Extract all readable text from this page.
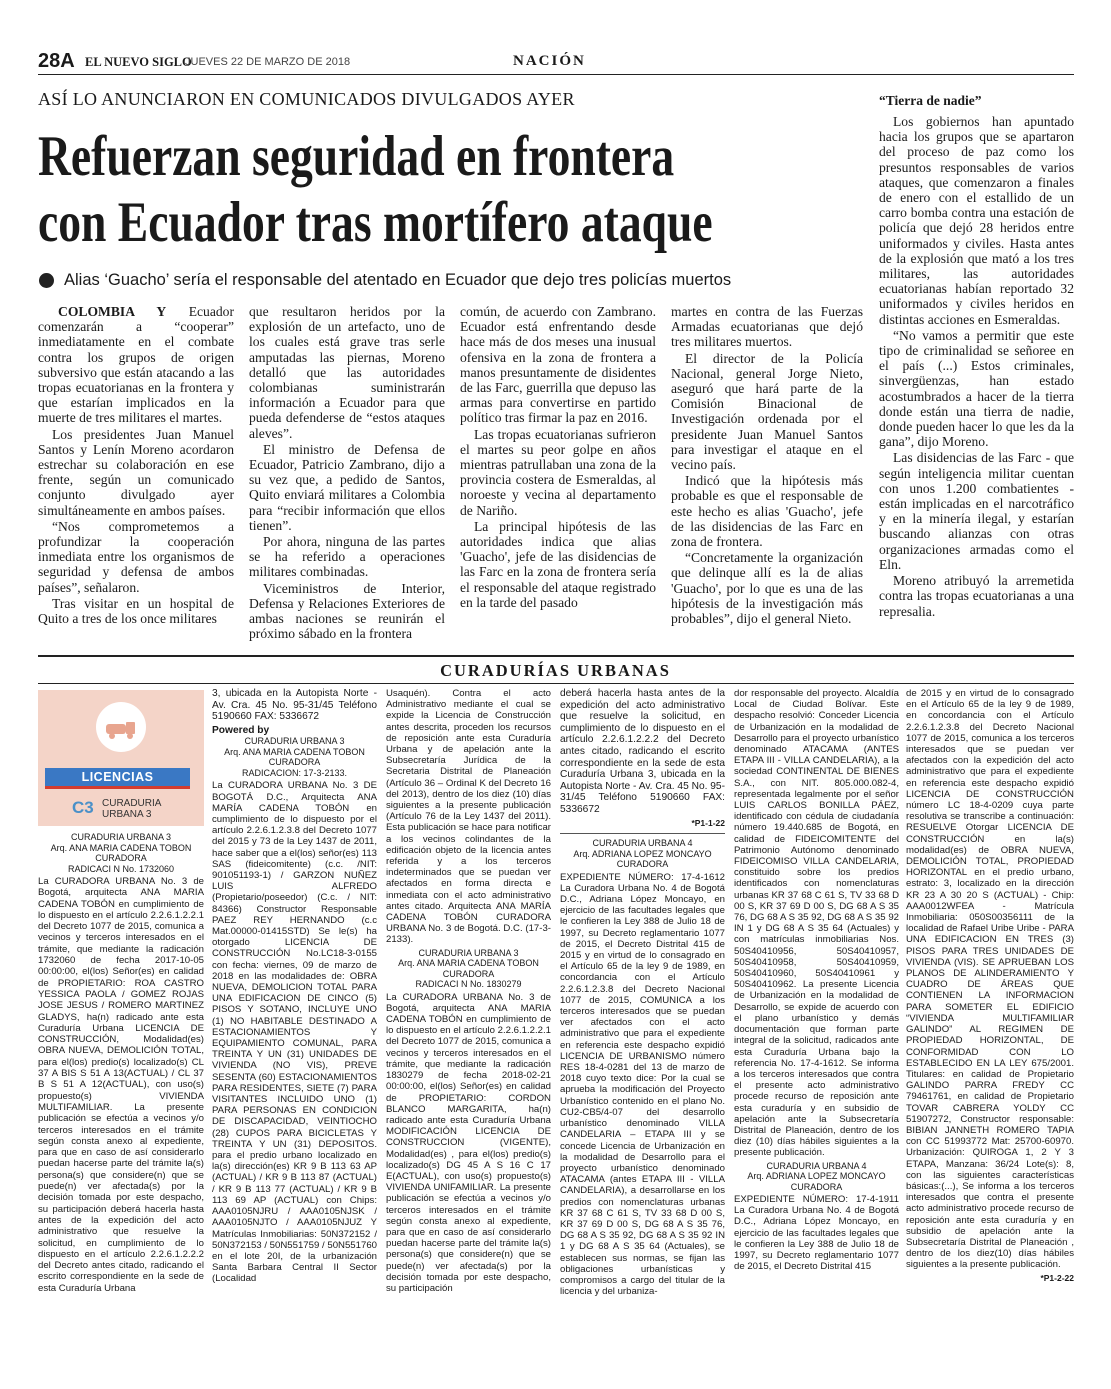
28A EL NUEVO SIGLO
JUEVES 22 DE MARZO DE 2018	NACIÓN
ASÍ LO ANUNCIARON EN COMUNICADOS DIVULGADOS AYER
Refuerzan seguridad en frontera
con Ecuador tras mortífero ataque
Alias ‘Guacho’ sería el responsable del atentado en Ecuador que dejo tres policías muertos

COLOMBIA Y Ecuador comenzarán a “cooperar” inmediatamente en el combate contra los grupos de origen subversivo que están atacando a las tropas ecuatorianas en la frontera y que estarían implicados en la muerte de tres militares el martes.

Los presidentes Juan Manuel Santos y Lenín Moreno acordaron estrechar su colaboración en ese frente, según un comunicado conjunto divulgado ayer simultáneamente en ambos países.

“Nos comprometemos a profundizar la cooperación inmediata entre los organismos de seguridad y defensa de ambos países”, señalaron.

Tras visitar en un hospital de Quito a tres de los once militares

que resultaron heridos por la explosión de un artefacto, uno de los cuales está grave tras serle amputadas las piernas, Moreno detalló que las autoridades colombianas suministrarán información a Ecuador para que pueda defenderse de “estos ataques aleves”.

El ministro de Defensa de Ecuador, Patricio Zambrano, dijo a su vez que, a pedido de Santos, Quito enviará militares a Colombia para “recibir información que ellos tienen”.

Por ahora, ninguna de las partes se ha referido a operaciones militares combinadas.

Viceministros de Interior, Defensa y Relaciones Exteriores de ambas naciones se reunirán el próximo sábado en la frontera

común, de acuerdo con Zambrano. Ecuador está enfrentando desde hace más de dos meses una inusual ofensiva en la zona de frontera a manos presuntamente de disidentes de las Farc, guerrilla que depuso las armas para convertirse en partido político tras firmar la paz en 2016.

Las tropas ecuatorianas sufrieron el martes su peor golpe en años mientras patrullaban una zona de la provincia costera de Esmeraldas, al noroeste y vecina al departamento de Nariño.

La principal hipótesis de las autoridades indica que alias 'Guacho', jefe de las disidencias de las Farc en la zona de frontera sería el responsable del ataque registrado en la tarde del pasado

martes en contra de las Fuerzas Armadas ecuatorianas que dejó tres militares muertos.

El director de la Policía Nacional, general Jorge Nieto, aseguró que hará parte de la Comisión Binacional de Investigación ordenada por el presidente Juan Manuel Santos para investigar el ataque en el vecino país.

Indicó que la hipótesis más probable es que el responsable de este hecho es alias 'Guacho', jefe de las disidencias de las Farc en zona de frontera.

“Concretamente la organización que delinque allí es la de alias 'Guacho', por lo que es una de las hipótesis de la investigación más probables”, dijo el general Nieto.

“Tierra de nadie”

Los gobiernos han apuntado hacia los grupos que se apartaron del proceso de paz como los presuntos responsables de varios ataques, que comenzaron a finales de enero con el estallido de un carro bomba contra una estación de policía que dejó 28 heridos entre uniformados y civiles. Hasta antes de la explosión que mató a los tres militares, las autoridades ecuatorianas habían reportado 32 uniformados y civiles heridos en distintas acciones en Esmeraldas.

“No vamos a permitir que este tipo de criminalidad se señoree en el país (...) Estos criminales, sinvergüenzas, han estado acostumbrados a hacer de la tierra donde están una tierra de nadie, donde pueden hacer lo que les da la gana”, dijo Moreno.

Las disidencias de las Farc - que según inteligencia militar cuentan con unos 1.200 combatientes - están implicadas en el narcotráfico y en la minería ilegal, y estarían buscando alianzas con otras organizaciones armadas como el Eln.

Moreno atribuyó la arremetida contra las tropas ecuatorianas a una represalia.

CURADURÍAS URBANAS
LICENCIAS
C3 CURADURIA
URBANA 3

CURADURIA URBANA 3

Arq. ANA MARIA CADENA TOBON

CURADORA

RADICACI N No. 1732060

La CURADORA URBANA No. 3 de Bogotá, arquitecta ANA MARIA CADENA TOBÓN en cumplimiento de lo dispuesto en el artículo 2.2.6.1.2.2.1 del Decreto 1077 de 2015, comunica a vecinos y terceros interesados en el trámite, que mediante la radicación 1732060 de fecha 2017-10-05 00:00:00, el(los) Señor(es) en calidad de PROPIETARIO: ROA CASTRO YESSICA PAOLA / GOMEZ ROJAS JOSE JESUS / ROMERO MARTINEZ GLADYS, ha(n) radicado ante esta Curaduría Urbana LICENCIA DE CONSTRUCCIÓN, Modalidad(es) OBRA NUEVA, DEMOLICIÓN TOTAL, para el(los) predio(s) localizado(s) CL 37 A BIS S 51 A 13(ACTUAL) / CL 37 B S 51 A 12(ACTUAL), con uso(s) propuesto(s) VIVIENDA MULTIFAMILIAR. La presente publicación se efectúa a vecinos y/o terceros interesados en el trámite según consta anexo al expediente, para que en caso de así considerarlo puedan hacerse parte del trámite la(s) persona(s) que considere(n) que se puede(n) ver afectada(s) por la decisión tomada por este despacho, su participación deberá hacerla hasta antes de la expedición del acto administrativo que resuelve la solicitud, en cumplimiento de lo dispuesto en el artículo 2.2.6.1.2.2.2 del Decreto antes citado, radicando el escrito correspondiente en la sede de esta Curaduría Urbana

3, ubicada en la Autopista Norte - Av. Cra. 45 No. 95-31/45 Teléfono 5190660 FAX: 5336672

Powered by

CURADURIA URBANA 3

Arq. ANA MARIA CADENA TOBON

CURADORA

RADICACION: 17-3-2133.

La CURADORA URBANA No. 3 DE BOGOTÁ D.C., Arquitecta ANA MARÍA CADENA TOBÓN en cumplimiento de lo dispuesto por el artículo 2.2.6.1.2.3.8 del Decreto 1077 del 2015 y 73 de la Ley 1437 de 2011, hace saber que a el(los) señor(es) 113 SAS (fideicomitente) (c.c. /NIT: 901051193-1) / GARZON NUÑEZ LUIS ALFREDO (Propietario/poseedor) (C.c. / NIT: 84366) Constructor Responsable PAEZ REY HERNANDO (c.c Mat.00000-01415STD) Se le(s) ha otorgado LICENCIA DE CONSTRUCCIÓN No.LC18-3-0155 con fecha: viernes, 09 de marzo de 2018 en las modalidades de: OBRA NUEVA, DEMOLICION TOTAL PARA UNA EDIFICACION DE CINCO (5) PISOS Y SOTANO, INCLUYE UNO (1) NO HABITABLE DESTINADO A ESTACIONAMIENTOS Y EQUIPAMIENTO COMUNAL, PARA TREINTA Y UN (31) UNIDADES DE VIVIENDA (NO VIS), PREVE SESENTA (60) ESTACIONAMIENTOS PARA RESIDENTES, SIETE (7) PARA VISITANTES INCLUIDO UNO (1) PARA PERSONAS EN CONDICION DE DISCAPACIDAD, VEINTIOCHO (28) CUPOS PARA BICICLETAS Y TREINTA Y UN (31) DEPOSITOS. para el predio urbano localizado en la(s) dirección(es) KR 9 B 113 63 AP (ACTUAL) / KR 9 B 113 87 (ACTUAL) / KR 9 B 113 77 (ACTUAL) / KR 9 B 113 69 AP (ACTUAL) con Chips: AAA0105NJRU / AAA0105NJSK / AAA0105NJTO / AAA0105NJUZ Y Matrículas Inmobiliarias: 50N372152 / 50N372153 / 50N551759 / 50N551760 en el lote 20I, de la urbanización Santa Barbara Central II Sector (Localidad

Usaquén). Contra el acto Administrativo mediante el cual se expide la Licencia de Construcción antes descrita, proceden los recursos de reposición ante esta Curaduría Urbana y de apelación ante la Subsecretaría Jurídica de la Secretaria Distrital de Planeación (Artículo 36 – Ordinal K del Decreto 16 del 2013), dentro de los diez (10) días siguientes a la presente publicación (Artículo 76 de la Ley 1437 del 2011). Esta publicación se hace para notificar a los vecinos colindantes de la edificación objeto de la licencia antes referida y a los terceros indeterminados que se puedan ver afectados en forma directa e inmediata con el acto administrativo antes citado. Arquitecta ANA MARÍA CADENA TOBÓN CURADORA URBANA No. 3 de Bogotá. D.C. (17-3-2133).

CURADURIA URBANA 3

Arq. ANA MARIA CADENA TOBON

CURADORA

RADICACI N No. 1830279

La CURADORA URBANA No. 3 de Bogotá, arquitecta ANA MARIA CADENA TOBÓN en cumplimiento de lo dispuesto en el artículo 2.2.6.1.2.2.1 del Decreto 1077 de 2015, comunica a vecinos y terceros interesados en el trámite, que mediante la radicación 1830279 de fecha 2018-02-21 00:00:00, el(los) Señor(es) en calidad de PROPIETARIO: CORDON BLANCO MARGARITA, ha(n) radicado ante esta Curaduría Urbana MODIFICACIÓN LICENCIA DE CONSTRUCCION (VIGENTE), Modalidad(es) , para el(los) predio(s) localizado(s) DG 45 A S 16 C 17 E(ACTUAL), con uso(s) propuesto(s) VIVIENDA UNIFAMILIAR. La presente publicación se efectúa a vecinos y/o terceros interesados en el trámite según consta anexo al expediente, para que en caso de así considerarlo puedan hacerse parte del trámite la(s) persona(s) que considere(n) que se puede(n) ver afectada(s) por la decisión tomada por este despacho, su participación

deberá hacerla hasta antes de la expedición del acto administrativo que resuelve la solicitud, en cumplimiento de lo dispuesto en el artículo 2.2.6.1.2.2.2 del Decreto antes citado, radicando el escrito correspondiente en la sede de esta Curaduría Urbana 3, ubicada en la Autopista Norte - Av. Cra. 45 No. 95-31/45 Teléfono 5190660 FAX: 5336672

*P1-1-22

CURADURIA URBANA 4

Arq. ADRIANA LOPEZ MONCAYO

CURADORA

EXPEDIENTE NÚMERO: 17-4-1612 La Curadora Urbana No. 4 de Bogotá D.C., Adriana López Moncayo, en ejercicio de las facultades legales que le confieren la Ley 388 de Julio 18 de 1997, su Decreto reglamentario 1077 de 2015, el Decreto Distrital 415 de 2015 y en virtud de lo consagrado en el Artículo 65 de la ley 9 de 1989, en concordancia con el Artículo 2.2.6.1.2.3.8 del Decreto Nacional 1077 de 2015, COMUNICA a los terceros interesados que se puedan ver afectados con el acto administrativo que para el expediente en referencia este despacho expidió LICENCIA DE URBANISMO número RES 18-4-0281 del 13 de marzo de 2018 cuyo texto dice: Por la cual se aprueba la modificación del Proyecto Urbanístico contenido en el plano No. CU2-CB5/4-07 del desarrollo urbanístico denominado VILLA CANDELARIA – ETAPA III y se concede Licencia de Urbanización en la modalidad de Desarrollo para el proyecto urbanístico denominado ATACAMA (antes ETAPA III - VILLA CANDELARIA), a desarrollarse en los predios con nomenclaturas urbanas KR 37 68 C 61 S, TV 33 68 D 00 S, KR 37 69 D 00 S, DG 68 A S 35 76, DG 68 A S 35 92, DG 68 A S 35 92 IN 1 y DG 68 A S 35 64 (Actuales), se establecen sus normas, se fijan las obligaciones urbanísticas y compromisos a cargo del titular de la licencia y del urbaniza-

dor responsable del proyecto. Alcaldía Local de Ciudad Bolívar. Este despacho resolvió: Conceder Licencia de Urbanización en la modalidad de Desarrollo para el proyecto urbanístico denominado ATACAMA (ANTES ETAPA III - VILLA CANDELARIA), a la sociedad CONTINENTAL DE BIENES S.A., con NIT. 805.000.082-4, representada legalmente por el señor LUIS CARLOS BONILLA PÁEZ, identificado con cédula de ciudadanía número 19.440.685 de Bogotá, en calidad de FIDEICOMITENTE del Patrimonio Autónomo denominado FIDEICOMISO VILLA CANDELARIA, constituido sobre los predios identificados con nomenclaturas urbanas KR 37 68 C 61 S, TV 33 68 D 00 S, KR 37 69 D 00 S, DG 68 A S 35 76, DG 68 A S 35 92, DG 68 A S 35 92 IN 1 y DG 68 A S 35 64 (Actuales) y con matrículas inmobiliarias Nos. 50S40410956, 50S40410957, 50S40410958, 50S40410959, 50S40410960, 50S40410961 y 50S40410962. La presente Licencia de Urbanización en la modalidad de Desarrollo, se expide de acuerdo con el plano urbanístico y demás documentación que forman parte integral de la solicitud, radicados ante esta Curaduría Urbana bajo la referencia No. 17-4-1612. Se informa a los terceros interesados que contra el presente acto administrativo procede recurso de reposición ante esta curaduría y en subsidio de apelación ante la Subsecretaría Distrital de Planeación, dentro de los diez (10) días hábiles siguientes a la presente publicación.

CURADURIA URBANA 4

Arq. ADRIANA LOPEZ MONCAYO

CURADORA

EXPEDIENTE NÚMERO: 17-4-1911 La Curadora Urbana No. 4 de Bogotá D.C., Adriana López Moncayo, en ejercicio de las facultades legales que le confieren la Ley 388 de Julio 18 de 1997, su Decreto reglamentario 1077 de 2015, el Decreto Distrital 415

de 2015 y en virtud de lo consagrado en el Artículo 65 de la ley 9 de 1989, en concordancia con el Artículo 2.2.6.1.2.3.8 del Decreto Nacional 1077 de 2015, comunica a los terceros interesados que se puedan ver afectados con la expedición del acto administrativo que para el expediente en referencia este despacho expidió LICENCIA DE CONSTRUCCIÓN número LC 18-4-0209 cuya parte resolutiva se transcribe a continuación: RESUELVE Otorgar LICENCIA DE CONSTRUCCIÓN en la(s) modalidad(es) de OBRA NUEVA, DEMOLICIÓN TOTAL, PROPIEDAD HORIZONTAL en el predio urbano, estrato: 3, localizado en la dirección KR 23 A 30 20 S (ACTUAL) - Chip: AAA0012WFEA - Matrícula Inmobiliaria: 050S00356111 de la localidad de Rafael Uribe Uribe - PARA UNA EDIFICACION EN TRES (3) PISOS PARA TRES UNIDADES DE VIVIENDA (VIS). SE APRUEBAN LOS PLANOS DE ALINDERAMIENTO Y CUADRO DE ÁREAS QUE CONTIENEN LA INFORMACION PARA SOMETER EL EDIFICIO “VIVIENDA MULTIFAMILIAR GALINDO” AL REGIMEN DE PROPIEDAD HORIZONTAL, DE CONFORMIDAD CON LO ESTABLECIDO EN LA LEY 675/2001. Titulares: en calidad de Propietario GALINDO PARRA FREDY CC 79461761, en calidad de Propietario TOVAR CABRERA YOLDY CC 51907272, Constructor responsable: BIBIAN JANNETH ROMERO TAPIA con CC 51993772 Mat: 25700-60970. Urbanización: QUIROGA 1, 2 Y 3 ETAPA, Manzana: 36/24 Lote(s): 8, con las siguientes características básicas:(...), Se informa a los terceros interesados que contra el presente acto administrativo procede recurso de reposición ante esta curaduría y en subsidio de apelación ante la Subsecretaría Distrital de Planeación , dentro de los diez(10) días hábiles siguientes a la presente publicación.

*P1-2-22
